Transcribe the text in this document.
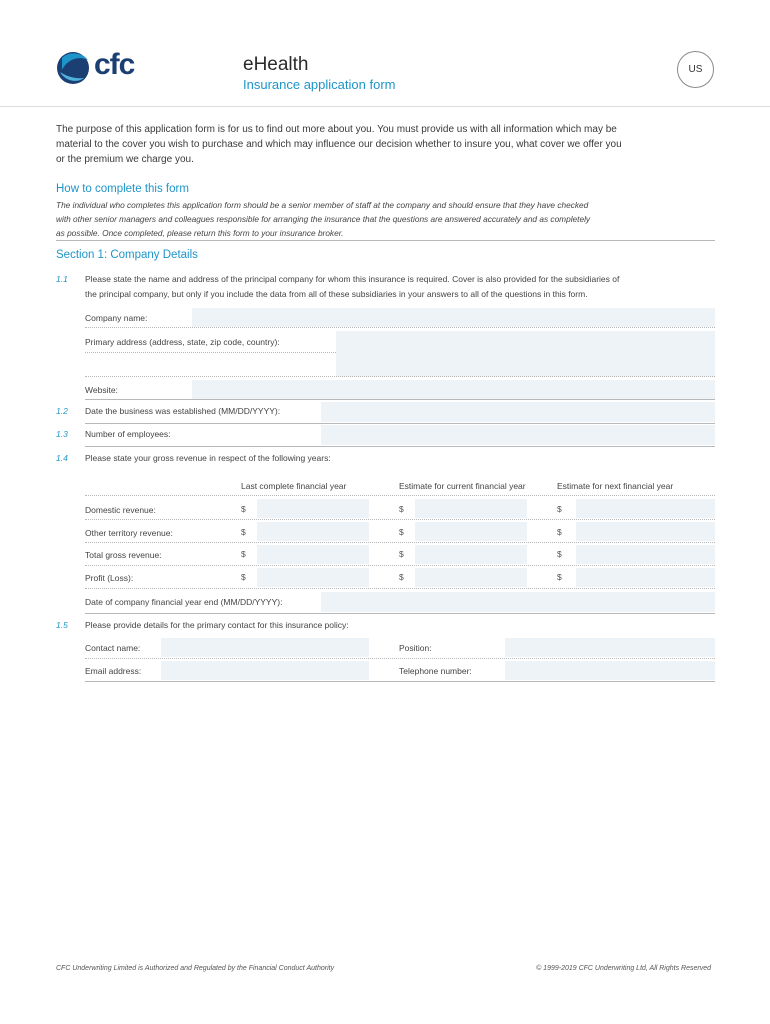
cfc	eHealth
Insurance application form
US
The purpose of this application form is for us to find out more about you. You must provide us with all information which may be
material to the cover you wish to purchase and which may influence our decision whether to insure you, what cover we offer you
or the premium we charge you.
How to complete this form
The individual who completes this application form should be a senior member of staff at the company and should ensure that they have checked
with other senior managers and colleagues responsible for arranging the insurance that the questions are answered accurately and as completely
as possible. Once completed, please return this form to your insurance broker.
Section 1: Company Details
1.1 Please state the name and address of the principal company for whom this insurance is required. Cover is also provided for the subsidiaries of
the principal company, but only if you include the data from all of these subsidiaries in your answers to all of the questions in this form.
Company name:
Primary address (address, state, zip code, country):
Website:
1.2 Date the business was established (MM/DD/YYYY):
1.3 Number of employees:
1.4 Please state your gross revenue in respect of the following years:
Last complete financial year	Estimate for current financial year	Estimate for next financial year
Domestic revenue:	$	$	$
Other territory revenue:	$	$	$
Total gross revenue:	$	$	$
Profit (Loss):	$	$	$
Date of company financial year end (MM/DD/YYYY):
1.5 Please provide details for the primary contact for this insurance policy:
Contact name:	Position:
Email address:	Telephone number:
CFC Underwriting Limited is Authorized and Regulated by the Financial Conduct Authority	© 1999-2019 CFC Underwriting Ltd, All Rights Reserved
